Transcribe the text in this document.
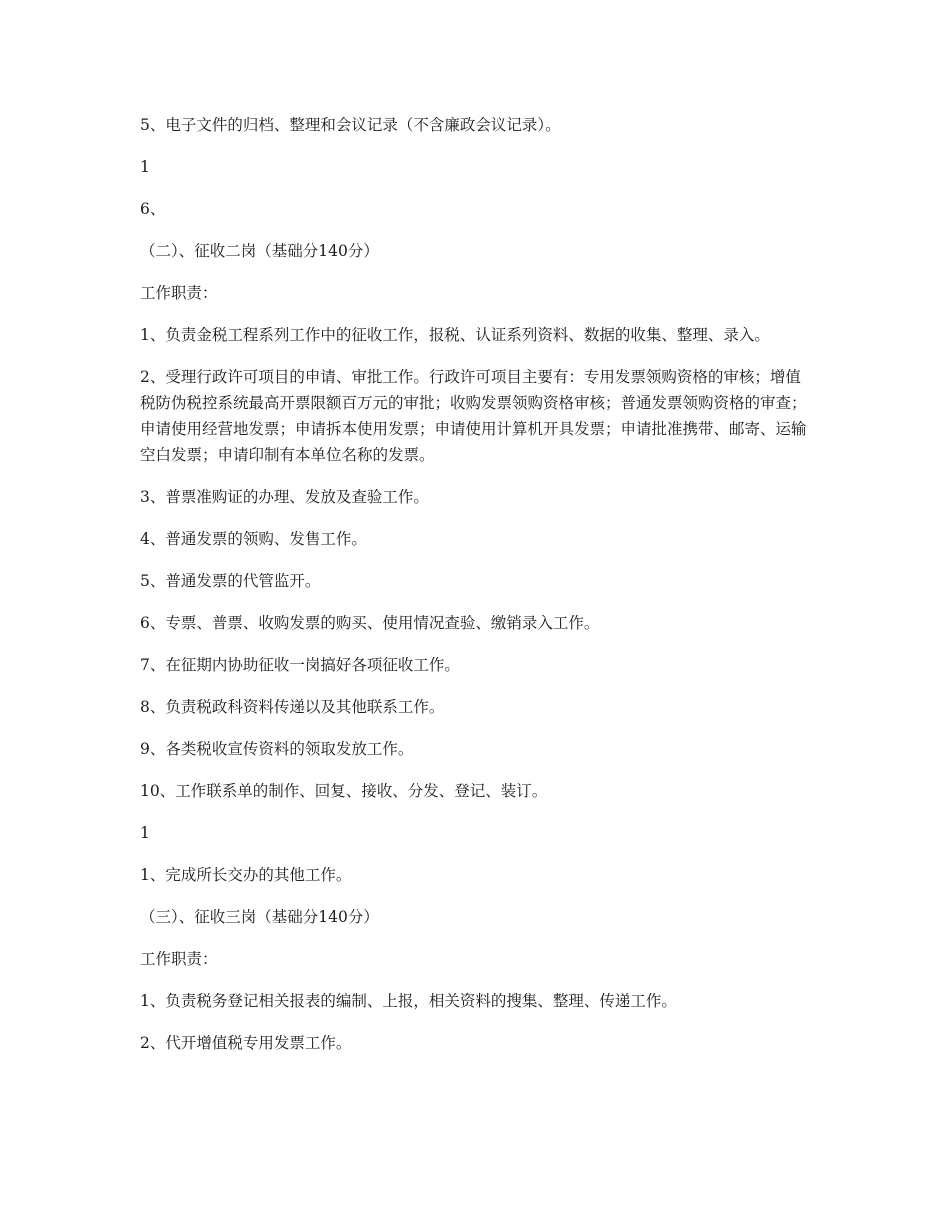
5、电子文件的归档、整理和会议记录（不含廉政会议记录）。

1

6、

（二）、征收二岗（基础分140分）

工作职责：

1、负责金税工程系列工作中的征收工作，报税、认证系列资料、数据的收集、整理、录入。

2、受理行政许可项目的申请、审批工作。行政许可项目主要有：专用发票领购资格的审核；增值税防伪税控系统最高开票限额百万元的审批；收购发票领购资格审核；普通发票领购资格的审查；申请使用经营地发票；申请拆本使用发票；申请使用计算机开具发票；申请批准携带、邮寄、运输空白发票；申请印制有本单位名称的发票。

3、普票准购证的办理、发放及查验工作。

4、普通发票的领购、发售工作。

5、普通发票的代管监开。

6、专票、普票、收购发票的购买、使用情况查验、缴销录入工作。

7、在征期内协助征收一岗搞好各项征收工作。

8、负责税政科资料传递以及其他联系工作。

9、各类税收宣传资料的领取发放工作。

10、工作联系单的制作、回复、接收、分发、登记、装订。

1

1、完成所长交办的其他工作。

（三）、征收三岗（基础分140分）

工作职责：

1、负责税务登记相关报表的编制、上报，相关资料的搜集、整理、传递工作。

2、代开增值税专用发票工作。
